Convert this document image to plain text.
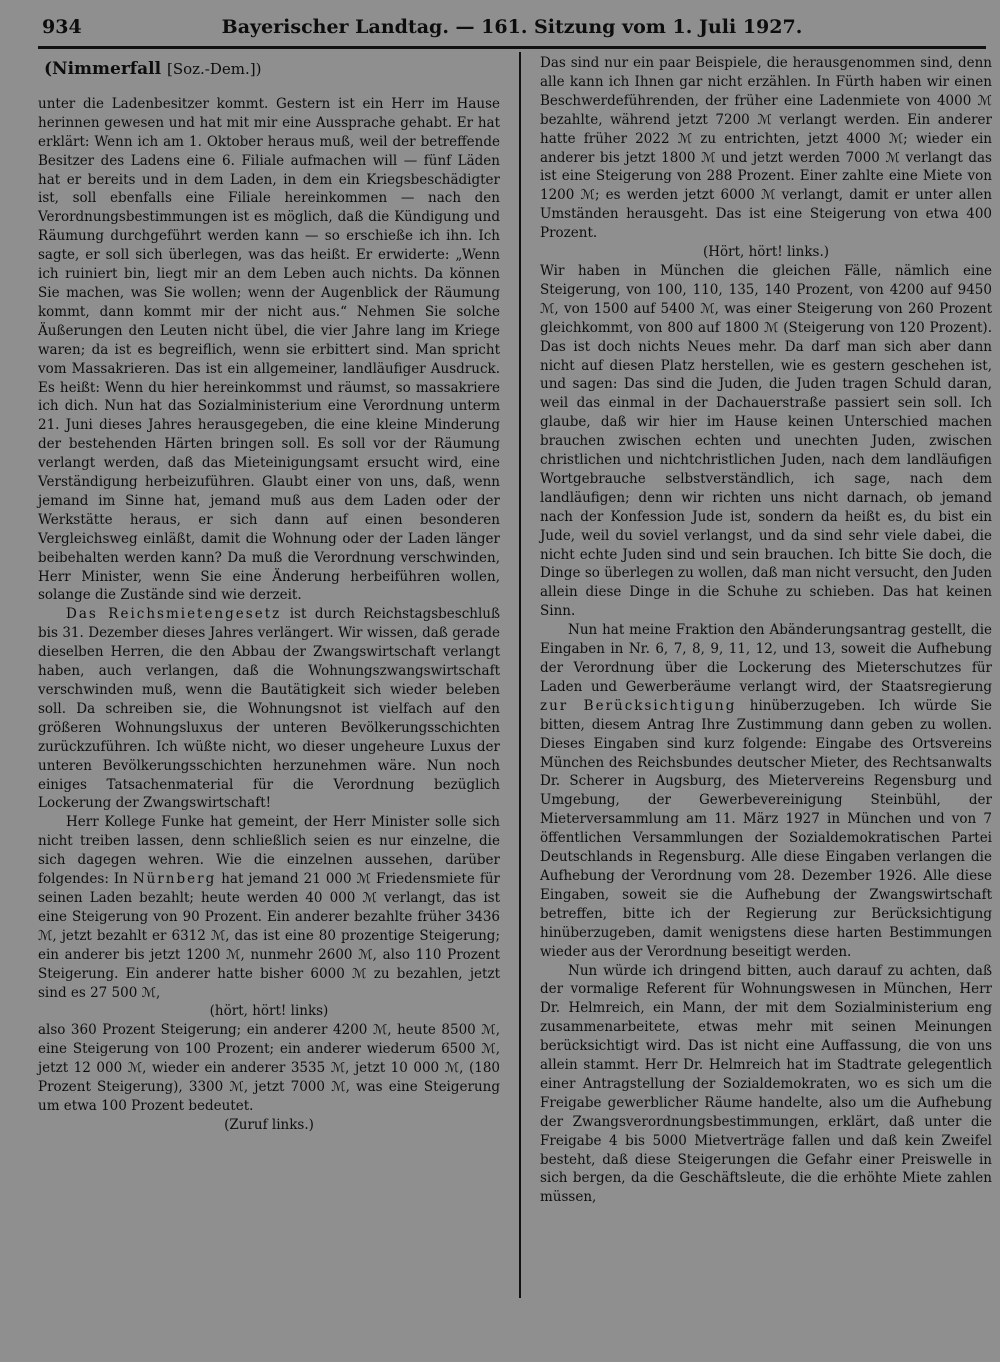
934	Bayerischer Landtag. — 161. Sitzung vom 1. Juli 1927.
(Nimmerfall [Soz.-Dem.])

unter die Ladenbesitzer kommt. Gestern ist ein Herr im Hause herinnen gewesen und hat mit mir eine Aussprache gehabt. Er hat erklärt: Wenn ich am 1. Oktober heraus muß, weil der betreffende Besitzer des Ladens eine 6. Filiale aufmachen will — fünf Läden hat er bereits und in dem Laden, in dem ein Kriegsbeschädigter ist, soll ebenfalls eine Filiale hereinkommen — nach den Verordnungsbestimmungen ist es möglich, daß die Kündigung und Räumung durchgeführt werden kann — so erschieße ich ihn. Ich sagte, er soll sich überlegen, was das heißt. Er erwiderte: „Wenn ich ruiniert bin, liegt mir an dem Leben auch nichts. Da können Sie machen, was Sie wollen; wenn der Augenblick der Räumung kommt, dann kommt mir der nicht aus.“ Nehmen Sie solche Äußerungen den Leuten nicht übel, die vier Jahre lang im Kriege waren; da ist es begreiflich, wenn sie erbittert sind. Man spricht vom Massakrieren. Das ist ein allgemeiner, landläufiger Ausdruck. Es heißt: Wenn du hier hereinkommst und räumst, so massakriere ich dich. Nun hat das Sozialministerium eine Verordnung unterm 21. Juni dieses Jahres herausgegeben, die eine kleine Minderung der bestehenden Härten bringen soll. Es soll vor der Räumung verlangt werden, daß das Mieteinigungsamt ersucht wird, eine Verständigung herbeizuführen. Glaubt einer von uns, daß, wenn jemand im Sinne hat, jemand muß aus dem Laden oder der Werkstätte heraus, er sich dann auf einen besonderen Vergleichsweg einläßt, damit die Wohnung oder der Laden länger beibehalten werden kann? Da muß die Verordnung verschwinden, Herr Minister, wenn Sie eine Änderung herbeiführen wollen, solange die Zustände sind wie derzeit.

Das Reichsmietengesetz ist durch Reichstagsbeschluß bis 31. Dezember dieses Jahres verlängert. Wir wissen, daß gerade dieselben Herren, die den Abbau der Zwangswirtschaft verlangt haben, auch verlangen, daß die Wohnungszwangswirtschaft verschwinden muß, wenn die Bautätigkeit sich wieder beleben soll. Da schreiben sie, die Wohnungsnot ist vielfach auf den größeren Wohnungsluxus der unteren Bevölkerungsschichten zurückzuführen. Ich wüßte nicht, wo dieser ungeheure Luxus der unteren Bevölkerungsschichten herzunehmen wäre. Nun noch einiges Tatsachenmaterial für die Verordnung bezüglich Lockerung der Zwangswirtschaft!

Herr Kollege Funke hat gemeint, der Herr Minister solle sich nicht treiben lassen, denn schließlich seien es nur einzelne, die sich dagegen wehren. Wie die einzelnen aussehen, darüber folgendes: In Nürnberg hat jemand 21 000 ℳ Friedensmiete für seinen Laden bezahlt; heute werden 40 000 ℳ verlangt, das ist eine Steigerung von 90 Prozent. Ein anderer bezahlte früher 3436 ℳ, jetzt bezahlt er 6312 ℳ, das ist eine 80 prozentige Steigerung; ein anderer bis jetzt 1200 ℳ, nunmehr 2600 ℳ, also 110 Prozent Steigerung. Ein anderer hatte bisher 6000 ℳ zu bezahlen, jetzt sind es 27 500 ℳ,

(hört, hört! links)

also 360 Prozent Steigerung; ein anderer 4200 ℳ, heute 8500 ℳ, eine Steigerung von 100 Prozent; ein anderer wiederum 6500 ℳ, jetzt 12 000 ℳ, wieder ein anderer 3535 ℳ, jetzt 10 000 ℳ, (180 Prozent Steigerung), 3300 ℳ, jetzt 7000 ℳ, was eine Steigerung um etwa 100 Prozent bedeutet.

(Zuruf links.)

Das sind nur ein paar Beispiele, die herausgenommen sind, denn alle kann ich Ihnen gar nicht erzählen. In Fürth haben wir einen Beschwerdeführenden, der früher eine Ladenmiete von 4000 ℳ bezahlte, während jetzt 7200 ℳ verlangt werden. Ein anderer hatte früher 2022 ℳ zu entrichten, jetzt 4000 ℳ; wieder ein anderer bis jetzt 1800 ℳ und jetzt werden 7000 ℳ verlangt das ist eine Steigerung von 288 Prozent. Einer zahlte eine Miete von 1200 ℳ; es werden jetzt 6000 ℳ verlangt, damit er unter allen Umständen herausgeht. Das ist eine Steigerung von etwa 400 Prozent.

(Hört, hört! links.)

Wir haben in München die gleichen Fälle, nämlich eine Steigerung, von 100, 110, 135, 140 Prozent, von 4200 auf 9450 ℳ, von 1500 auf 5400 ℳ, was einer Steigerung von 260 Prozent gleichkommt, von 800 auf 1800 ℳ (Steigerung von 120 Prozent). Das ist doch nichts Neues mehr. Da darf man sich aber dann nicht auf diesen Platz herstellen, wie es gestern geschehen ist, und sagen: Das sind die Juden, die Juden tragen Schuld daran, weil das einmal in der Dachauerstraße passiert sein soll. Ich glaube, daß wir hier im Hause keinen Unterschied machen brauchen zwischen echten und unechten Juden, zwischen christlichen und nichtchristlichen Juden, nach dem landläufigen Wortgebrauche selbstverständlich, ich sage, nach dem landläufigen; denn wir richten uns nicht darnach, ob jemand nach der Konfession Jude ist, sondern da heißt es, du bist ein Jude, weil du soviel verlangst, und da sind sehr viele dabei, die nicht echte Juden sind und sein brauchen. Ich bitte Sie doch, die Dinge so überlegen zu wollen, daß man nicht versucht, den Juden allein diese Dinge in die Schuhe zu schieben. Das hat keinen Sinn.

Nun hat meine Fraktion den Abänderungsantrag gestellt, die Eingaben in Nr. 6, 7, 8, 9, 11, 12, und 13, soweit die Aufhebung der Verordnung über die Lockerung des Mieterschutzes für Laden und Gewerberäume verlangt wird, der Staatsregierung zur Berücksichtigung hinüberzugeben. Ich würde Sie bitten, diesem Antrag Ihre Zustimmung dann geben zu wollen. Dieses Eingaben sind kurz folgende: Eingabe des Ortsvereins München des Reichsbundes deutscher Mieter, des Rechtsanwalts Dr. Scherer in Augsburg, des Mietervereins Regensburg und Umgebung, der Gewerbevereinigung Steinbühl, der Mieterversammlung am 11. März 1927 in München und von 7 öffentlichen Versammlungen der Sozialdemokratischen Partei Deutschlands in Regensburg. Alle diese Eingaben verlangen die Aufhebung der Verordnung vom 28. Dezember 1926. Alle diese Eingaben, soweit sie die Aufhebung der Zwangswirtschaft betreffen, bitte ich der Regierung zur Berücksichtigung hinüberzugeben, damit wenigstens diese harten Bestimmungen wieder aus der Verordnung beseitigt werden.

Nun würde ich dringend bitten, auch darauf zu achten, daß der vormalige Referent für Wohnungswesen in München, Herr Dr. Helmreich, ein Mann, der mit dem Sozialministerium eng zusammenarbeitete, etwas mehr mit seinen Meinungen berücksichtigt wird. Das ist nicht eine Auffassung, die von uns allein stammt. Herr Dr. Helmreich hat im Stadtrate gelegentlich einer Antragstellung der Sozialdemokraten, wo es sich um die Freigabe gewerblicher Räume handelte, also um die Aufhebung der Zwangsverordnungsbestimmungen, erklärt, daß unter die Freigabe 4 bis 5000 Mietverträge fallen und daß kein Zweifel besteht, daß diese Steigerungen die Gefahr einer Preiswelle in sich bergen, da die Geschäftsleute, die die erhöhte Miete zahlen müssen,
